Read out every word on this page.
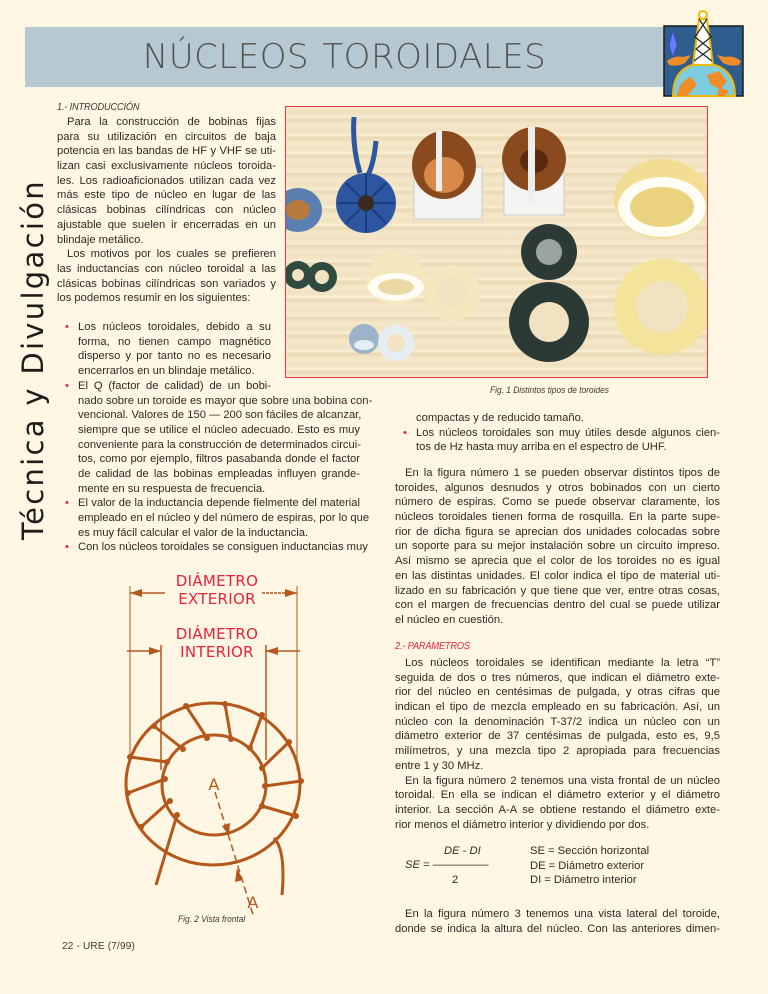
Técnica y Divulgación
NÚCLEOS TOROIDALES
1.- INTRODUCCIÓN
Para la construcción de bobinas fijas
para su utilización en circuitos de baja
potencia en las bandas de HF y VHF se uti-
lizan casi exclusivamente núcleos toroida-
les. Los radioaficionados utilizan cada vez
más este tipo de núcleo en lugar de las
clásicas bobinas cilíndricas con núcleo
ajustable que suelen ir encerradas en un
blindaje metálico.
Los motivos por los cuales se prefieren
las inductancias con núcleo toroidal a las
clásicas bobinas cilíndricas son variados y
los podemos resumir en los siguientes:
• Los núcleos toroidales, debido a su
forma, no tienen campo magnético
disperso y por tanto no es necesario
encerrarlos en un blindaje metálico.
• El Q (factor de calidad) de un bobi-
nado sobre un toroide es mayor que sobre una bobina con-
vencional. Valores de 150 — 200 son fáciles de alcanzar,
siempre que se utilice el núcleo adecuado. Esto es muy
conveniente para la construcción de determinados circui-
tos, como por ejemplo, filtros pasabanda donde el factor
de calidad de las bobinas empleadas influyen grande-
mente en su respuesta de frecuencia.
• El valor de la inductancia depende fielmente del material
empleado en el núcleo y del número de espiras, por lo que
es muy fácil calcular el valor de la inductancia.
• Con los núcleos toroidales se consiguen inductancias muy
Fig. 1 Distintos tipos de toroides
compactas y de reducido tamaño.
• Los núcleos toroidales son muy útiles desde algunos cien-
tos de Hz hasta muy arriba en el espectro de UHF.
En la figura número 1 se pueden observar distintos tipos de
toroides, algunos desnudos y otros bobinados con un cierto
número de espiras. Como se puede observar claramente, los
núcleos toroidales tienen forma de rosquilla. En la parte supe-
rior de dicha figura se aprecian dos unidades colocadas sobre
un soporte para su mejor instalación sobre un circuito impreso.
Así mismo se aprecia que el color de los toroides no es igual
en las distintas unidades. El color indica el tipo de material uti-
lizado en su fabricación y que tiene que ver, entre otras cosas,
con el margen de frecuencias dentro del cual se puede utilizar
el núcleo en cuestión.
2.- PARÁMETROS
Los núcleos toroidales se identifican mediante la letra “T”
seguida de dos o tres números, que indican el diámetro exte-
rior del núcleo en centésimas de pulgada, y otras cifras que
indican el tipo de mezcla empleado en su fabricación. Así, un
núcleo con la denominación T-37/2 indica un núcleo con un
diámetro exterior de 37 centésimas de pulgada, esto es, 9,5
milímetros, y una mezcla tipo 2 apropiada para frecuencias
entre 1 y 30 MHz.
En la figura número 2 tenemos una vista frontal de un núcleo
toroidal. En ella se indican el diámetro exterior y el diámetro
interior. La sección A-A se obtiene restando el diámetro exte-
rior menos el diámetro interior y dividiendo por dos.
DE - DI
SE = —————
2
SE = Sección horizontal
DE = Diámetro exterior
DI = Diámetro interior
En la figura número 3 tenemos una vista lateral del toroide,
donde se indica la altura del núcleo. Con las anteriores dimen-
DIÁMETRO
EXTERIOR
DIÁMETRO
INTERIOR
A
A
Fig. 2 Vista frontal
22 - URE (7/99)
